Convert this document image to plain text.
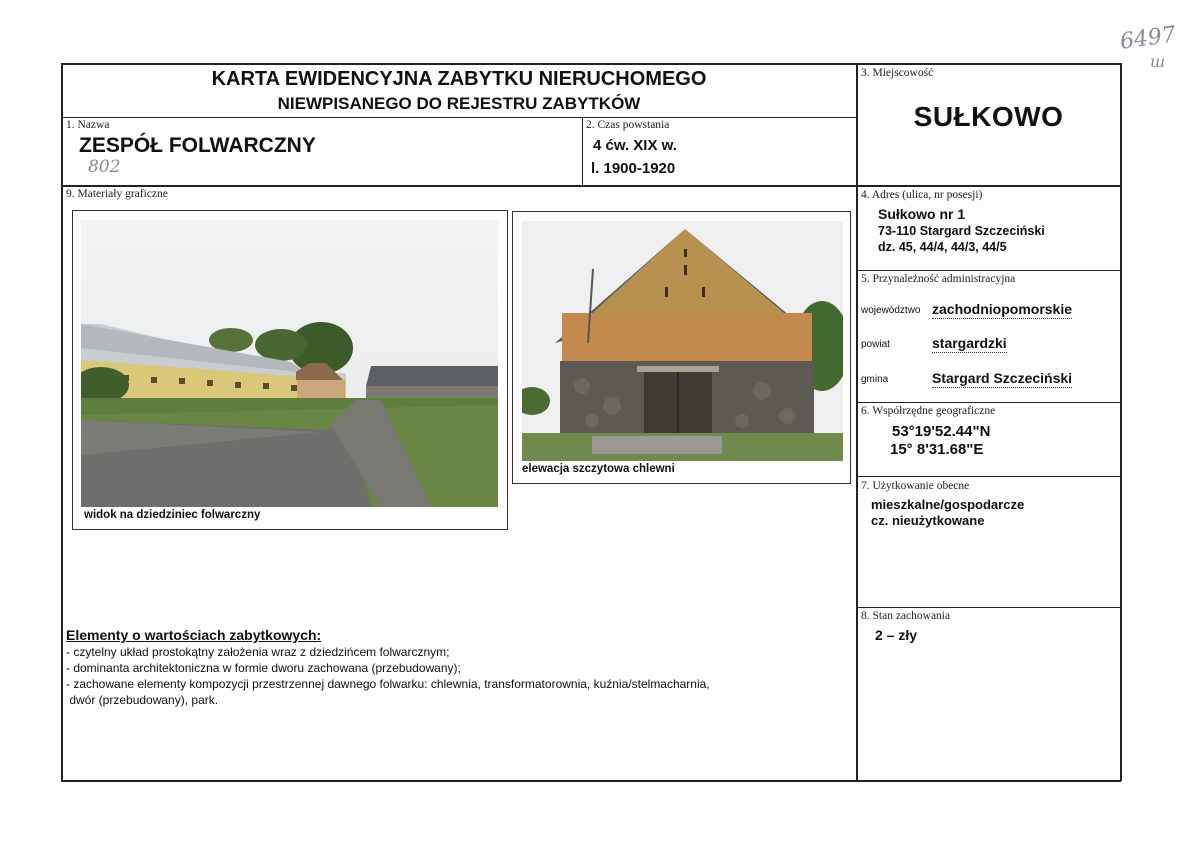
6497
ш
KARTA EWIDENCYJNA ZABYTKU NIERUCHOMEGO
NIEWPISANEGO DO REJESTRU ZABYTKÓW
1. Nazwa
ZESPÓŁ FOLWARCZNY
802
2. Czas powstania
4 ćw. XIX w.
l. 1900-1920
3. Miejscowość
SUŁKOWO
4. Adres (ulica, nr posesji)
Sułkowo nr 1
73-110 Stargard Szczeciński
dz. 45, 44/4, 44/3, 44/5
5. Przynależność administracyjna
województwo zachodniopomorskie
powiat	stargardzki
gmina	Stargard Szczeciński
6. Współrzędne geograficzne
53°19'52.44"N
15° 8'31.68"E
7. Użytkowanie obecne
mieszkalne/gospodarcze
cz. nieużytkowane
8. Stan zachowania
2 – zły
9. Materiały graficzne
widok na dziedziniec folwarczny
elewacja szczytowa chlewni
Elementy o wartościach zabytkowych:
- czytelny układ prostokątny założenia wraz z dziedzińcem folwarcznym;
- dominanta architektoniczna w formie dworu zachowana (przebudowany);
- zachowane elementy kompozycji przestrzennej dawnego folwarku: chlewnia, transformatorownia, kuźnia/stelmacharnia,
dwór (przebudowany), park.
